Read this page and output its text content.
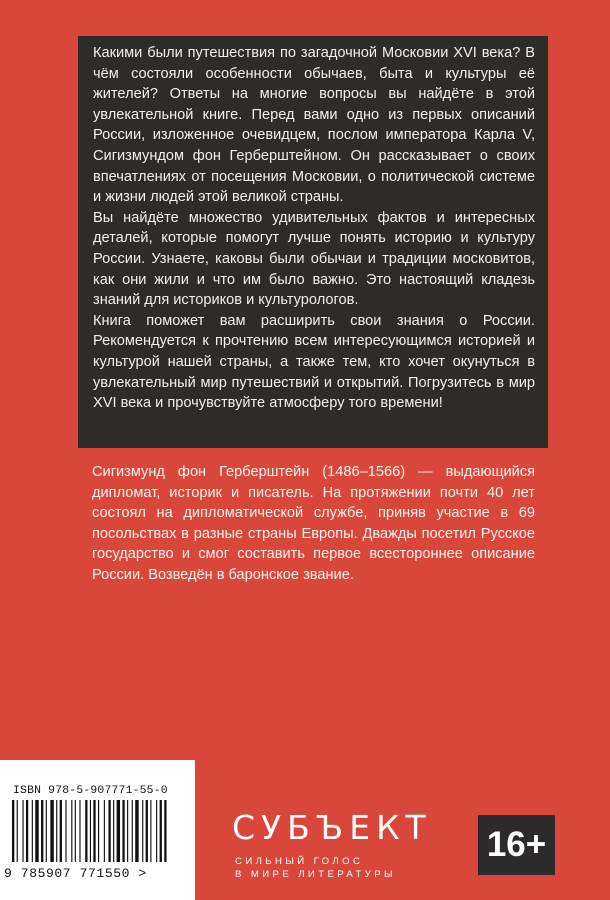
Какими были путешествия по загадочной Московии XVI века? В чём состояли особенности обычаев, быта и культуры её жителей? Ответы на многие вопросы вы найдёте в этой увлекательной книге. Перед вами одно из первых описаний России, изложенное очевидцем, послом императора Карла V, Сигизмундом фон Герберштейном. Он рассказывает о своих впечатлениях от посещения Московии, о политической системе и жизни людей этой великой страны.

Вы найдёте множество удивительных фактов и интересных деталей, которые помогут лучше понять историю и культуру России. Узнаете, каковы были обычаи и традиции московитов, как они жили и что им было важно. Это настоящий кладезь знаний для историков и культурологов.

Книга поможет вам расширить свои знания о России. Рекомендуется к прочтению всем интересующимся историей и культурой нашей страны, а также тем, кто хочет окунуться в увлекательный мир путешествий и открытий. Погрузитесь в мир XVI века и прочувствуйте атмосферу того времени!

Сигизмунд фон Герберштейн (1486–1566) — выдающийся дипломат, историк и писатель. На протяжении почти 40 лет состоял на дипломатической службе, приняв участие в 69 посольствах в разные страны Европы. Дважды посетил Русское государство и смог составить первое всестороннее описание России. Возведён в баронское звание.

ISBN 978-5-907771-55-0
9 785907 771550 >
СУБЪЕКТ
СИЛЬНЫЙ ГОЛОС
В МИРЕ ЛИТЕРАТУРЫ
16+
